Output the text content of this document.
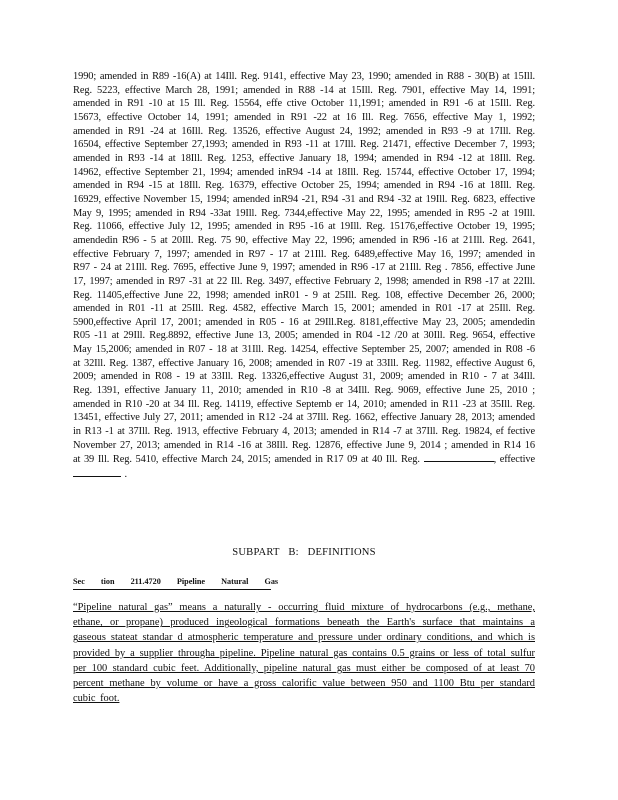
1990; amended in R89 -16(A) at 14Ill. Reg. 9141, effective May 23, 1990; amended in R88 - 30(B) at 15Ill. Reg. 5223, effective March 28, 1991; amended in R88 -14 at 15Ill. Reg. 7901, effective May 14, 1991; amended in R91 -10 at 15 Ill. Reg. 15564, effe ctive October 11,1991; amended in R91 -6 at 15Ill. Reg. 15673, effective October 14, 1991; amended in R91 -22 at 16 Ill. Reg. 7656, effective May 1, 1992; amended in R91 -24 at 16Ill. Reg. 13526, effective August 24, 1992; amended in R93 -9 at 17Ill. Reg. 16504, effective September 27,1993; amended in R93 -11 at 17Ill. Reg. 21471, effective December 7, 1993; amended in R93 -14 at 18Ill. Reg. 1253, effective January 18, 1994; amended in R94 -12 at 18Ill. Reg. 14962, effective September 21, 1994; amended inR94 -14 at 18Ill. Reg. 15744, effective October 17, 1994; amended in R94 -15 at 18Ill. Reg. 16379, effective October 25, 1994; amended in R94 -16 at 18Ill. Reg. 16929, effective November 15, 1994; amended inR94 -21, R94 -31 and R94 -32 at 19Ill. Reg. 6823, effective May 9, 1995; amended in R94 -33at 19Ill. Reg. 7344,effective May 22, 1995; amended in R95 -2 at 19Ill. Reg. 11066, effective July 12, 1995; amended in R95 -16 at 19Ill. Reg. 15176,effective October 19, 1995; amendedin R96 - 5 at 20Ill. Reg. 75 90, effective May 22, 1996; amended in R96 -16 at 21Ill. Reg. 2641, effective February 7, 1997; amended in R97 - 17 at 21Ill. Reg. 6489,effective May 16, 1997; amended in R97 - 24 at 21Ill. Reg. 7695, effective June 9, 1997; amended in R96 -17 at 21Ill. Reg . 7856, effective June 17, 1997; amended in R97 -31 at 22 Ill. Reg. 3497, effective February 2, 1998; amended in R98 -17 at 22Ill. Reg. 11405,effective June 22, 1998; amended inR01 - 9 at 25Ill. Reg. 108, effective December 26, 2000; amended in R01 -11 at 25Ill. Reg. 4582, effective March 15, 2001; amended in R01 -17 at 25Ill. Reg. 5900,effective April 17, 2001; amended in R05 - 16 at 29Ill.Reg. 8181,effective May 23, 2005; amendedin R05 -11 at 29Ill. Reg.8892, effective June 13, 2005; amended in R04 -12 /20 at 30Ill. Reg. 9654, effective May 15,2006; amended in R07 - 18 at 31Ill. Reg. 14254, effective September 25, 2007; amended in R08 -6 at 32Ill. Reg. 1387, effective January 16, 2008; amended in R07 -19 at 33Ill. Reg. 11982, effective August 6, 2009; amended in R08 - 19 at 33Ill. Reg. 13326,effective August 31, 2009; amended in R10 - 7 at 34Ill. Reg. 1391, effective January 11, 2010; amended in R10 -8 at 34Ill. Reg. 9069, effective June 25, 2010 ; amended in R10 -20 at 34 Ill. Reg. 14119, effective Septemb er 14, 2010; amended in R11 -23 at 35Ill. Reg. 13451, effective July 27, 2011; amended in R12 -24 at 37Ill. Reg. 1662, effective January 28, 2013; amended in R13 -1 at 37Ill. Reg. 1913, effective February 4, 2013; amended in R14 -7 at 37Ill. Reg. 19824, ef fective November 27, 2013; amended in R14 -16 at 38Ill. Reg. 12876, effective June 9, 2014 ; amended in R14 16 at 39 Ill. Reg. 5410, effective March 24, 2015; amended in R17 09 at 40 Ill. Reg.	, effective  .
SUBPART B: DEFINITIONS
Sec tion 211.4720 Pipeline Natural Gas
“Pipeline natural gas” means a naturally - occurring fluid mixture of hydrocarbons (e.g., methane, ethane, or propane) produced ingeological formations beneath the Earth's surface that maintains a gaseous stateat standar d atmospheric temperature and pressure under ordinary conditions, and which is provided by a supplier througha pipeline. Pipeline natural gas contains 0.5 grains or less of total sulfur per 100 standard cubic feet. Additionally, pipeline natural gas must either be composed of at least 70 percent methane by volume or have a gross calorific value between 950 and 1100 Btu per standard cubic foot.
